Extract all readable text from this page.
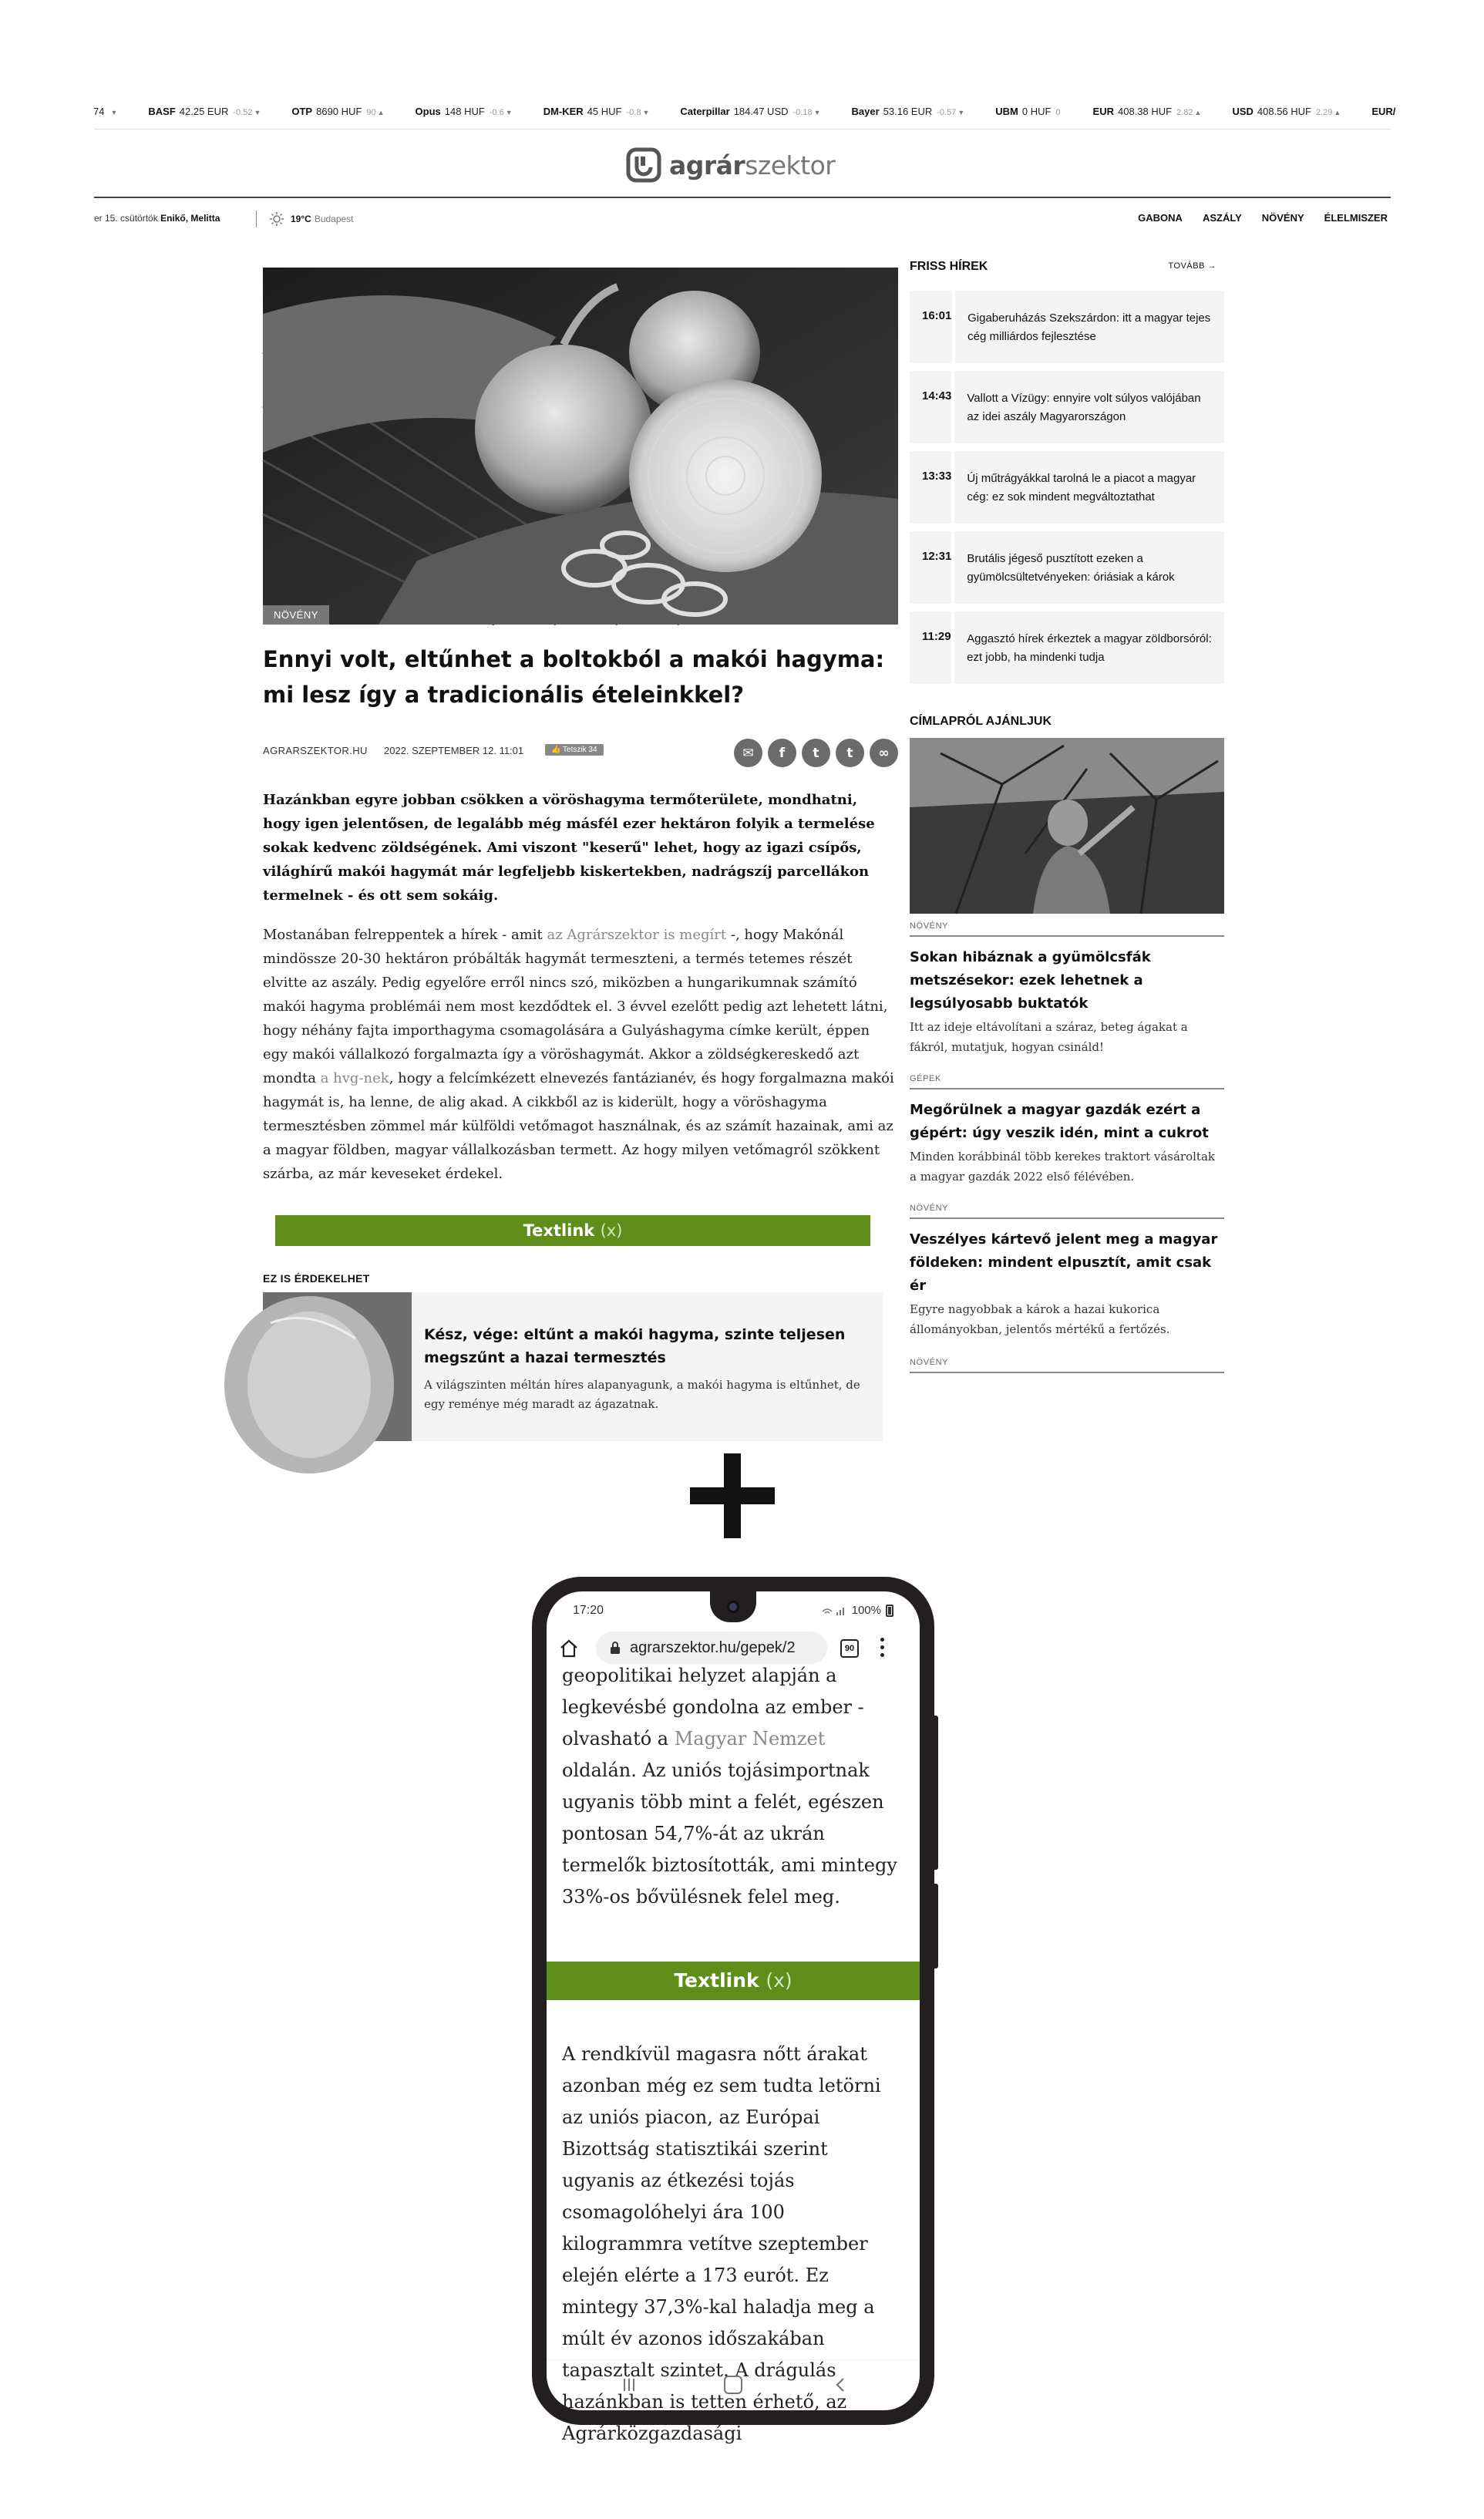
74 ▼	BASF 42.25 EUR -0.52 ▼	OTP 8690 HUF 90 ▲	Opus 148 HUF -0.6 ▼	DM-KER 45 HUF -0.8 ▼	Caterpillar 184.47 USD -0.18 ▼	Bayer 53.16 EUR -0.57 ▼	UBM 0 HUF 0	EUR 408.38 HUF 2.82 ▲	USD 408.56 HUF 2.29 ▲	EUR/
agrárszektor
er 15. csütörtök Enikő, Melitta	19°C Budapest	GABONA ASZÁLY NÖVÉNY ÉLELMISZER
NÖVÉNY
Ennyi volt, eltűnhet a boltokból a makói hagyma: mi lesz így a tradicionális ételeinkkel?
AGRARSZEKTOR.HU 2022. SZEPTEMBER 12. 11:01	👍 Tetszik 34	✉	f	t	t	∞

Hazánkban egyre jobban csökken a vöröshagyma termőterülete, mondhatni, hogy igen jelentősen, de legalább még másfél ezer hektáron folyik a termelése sokak kedvenc zöldségének. Ami viszont "keserű" lehet, hogy az igazi csípős, világhírű makói hagymát már legfeljebb kiskertekben, nadrágszíj parcellákon termelnek - és ott sem sokáig.

Mostanában felreppentek a hírek - amit az Agrárszektor is megírt -, hogy Makónál mindössze 20-30 hektáron próbálták hagymát termeszteni, a termés tetemes részét elvitte az aszály. Pedig egyelőre erről nincs szó, miközben a hungarikumnak számító makói hagyma problémái nem most kezdődtek el. 3 évvel ezelőtt pedig azt lehetett látni, hogy néhány fajta importhagyma csomagolására a Gulyáshagyma címke került, éppen egy makói vállalkozó forgalmazta így a vöröshagymát. Akkor a zöldségkereskedő azt mondta a hvg-nek, hogy a felcímkézett elnevezés fantázianév, és hogy forgalmazna makói hagymát is, ha lenne, de alig akad. A cikkből az is kiderült, hogy a vöröshagyma termesztésben zömmel már külföldi vetőmagot használnak, és az számít hazainak, ami az a magyar földben, magyar vállalkozásban termett. Az hogy milyen vetőmagról szökkent szárba, az már keveseket érdekel.

Textlink (x)
EZ IS ÉRDEKELHET
Kész, vége: eltűnt a makói hagyma, szinte teljesen megszűnt a hazai termesztés

A világszinten méltán híres alapanyagunk, a makói hagyma is eltűnhet, de egy reménye még maradt az ágazatnak.

FRISS HÍREK	TOVÁBB →
16:01	Gigaberuházás Szekszárdon: itt a magyar tejes cég milliárdos fejlesztése
14:43	Vallott a Vízügy: ennyire volt súlyos valójában az idei aszály Magyarországon
13:33	Új műtrágyákkal tarolná le a piacot a magyar cég: ez sok mindent megváltoztathat
12:31	Brutális jégeső pusztított ezeken a gyümölcsültetvényeken: óriásiak a károk
11:29	Aggasztó hírek érkeztek a magyar zöldborsóról: ezt jobb, ha mindenki tudja
CÍMLAPRÓL AJÁNLJUK
NÖVÉNY
Sokan hibáznak a gyümölcsfák metszésekor: ezek lehetnek a legsúlyosabb buktatók

Itt az ideje eltávolítani a száraz, beteg ágakat a fákról, mutatjuk, hogyan csináld!

GÉPEK
Megőrülnek a magyar gazdák ezért a gépért: úgy veszik idén, mint a cukrot

Minden korábbinál több kerekes traktort vásároltak a magyar gazdák 2022 első félévében.

NÖVÉNY
Veszélyes kártevő jelent meg a magyar földeken: mindent elpusztít, amit csak ér

Egyre nagyobbak a károk a hazai kukorica állományokban, jelentős mértékű a fertőzés.

NÖVÉNY
17:20	100%
agrarszektor.hu/gepek/2	90

geopolitikai helyzet alapján a legkevésbé gondolna az ember - olvasható a Magyar Nemzet oldalán. Az uniós tojásimportnak ugyanis több mint a felét, egészen pontosan 54,7%-át az ukrán termelők biztosították, ami mintegy 33%-os bővülésnek felel meg.

Textlink (x)

A rendkívül magasra nőtt árakat azonban még ez sem tudta letörni az uniós piacon, az Európai Bizottság statisztikái szerint ugyanis az étkezési tojás csomagolóhelyi ára 100 kilogrammra vetítve szeptember elején elérte a 173 eurót. Ez mintegy 37,3%-kal haladja meg a múlt év azonos időszakában tapasztalt szintet. A drágulás hazánkban is tetten érhető, az Agrárközgazdasági
